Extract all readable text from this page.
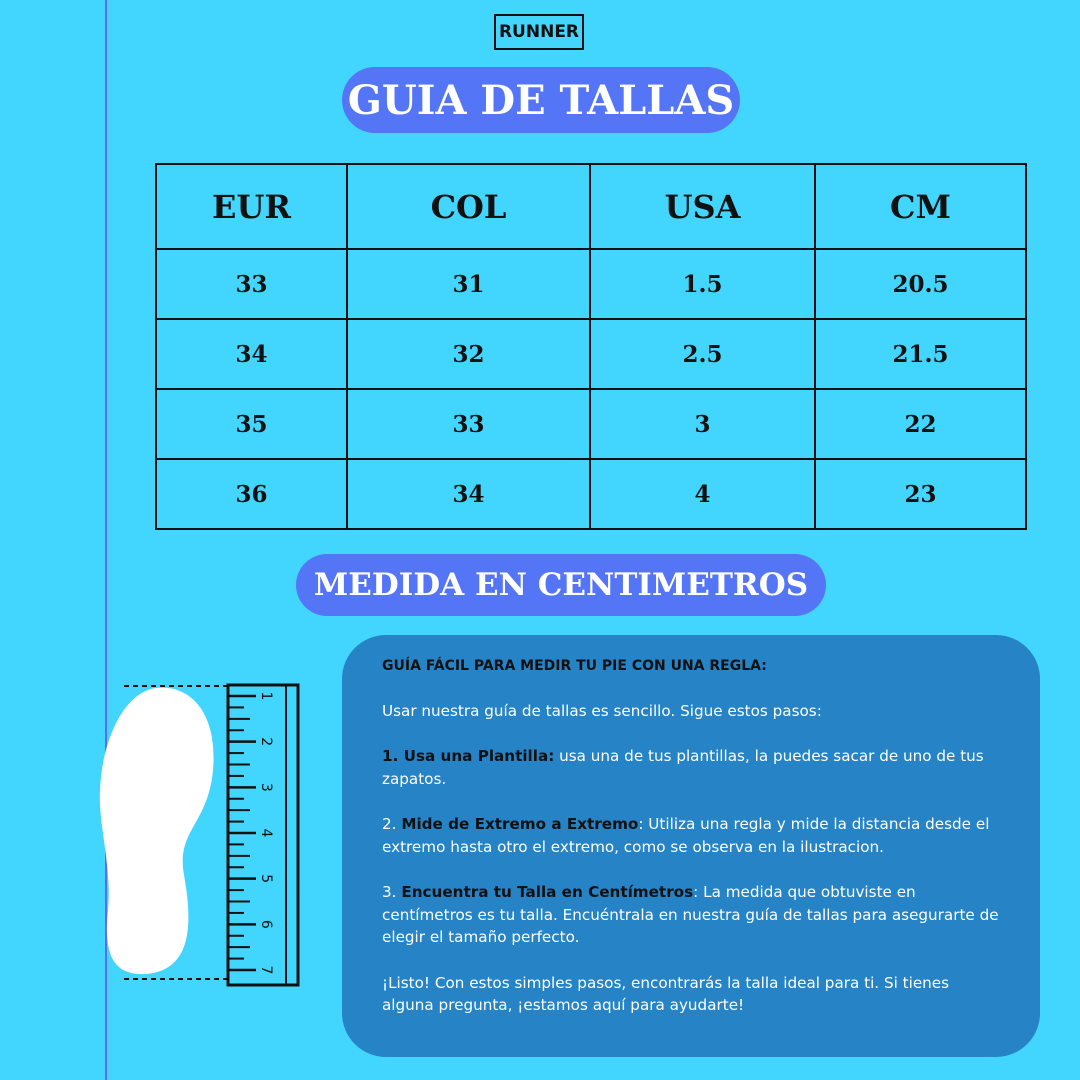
RUNNER
GUIA DE TALLAS
EUR	COL	USA	CM
33	31	1.5	20.5
34	32	2.5	21.5
35	33	3	22
36	34	4	23
MEDIDA EN CENTIMETROS
1
2
3
4
5
6
7

GUÍA FÁCIL PARA MEDIR TU PIE CON UNA REGLA:

Usar nuestra guía de tallas es sencillo. Sigue estos pasos:

1. Usa una Plantilla: usa una de tus plantillas, la puedes sacar de uno de tus zapatos.

2. Mide de Extremo a Extremo: Utiliza una regla y mide la distancia desde el extremo hasta otro el extremo, como se observa en la ilustracion.

3. Encuentra tu Talla en Centímetros: La medida que obtuviste en centímetros es tu talla. Encuéntrala en nuestra guía de tallas para asegurarte de elegir el tamaño perfecto.

¡Listo! Con estos simples pasos, encontrarás la talla ideal para ti. Si tienes alguna pregunta, ¡estamos aquí para ayudarte!
